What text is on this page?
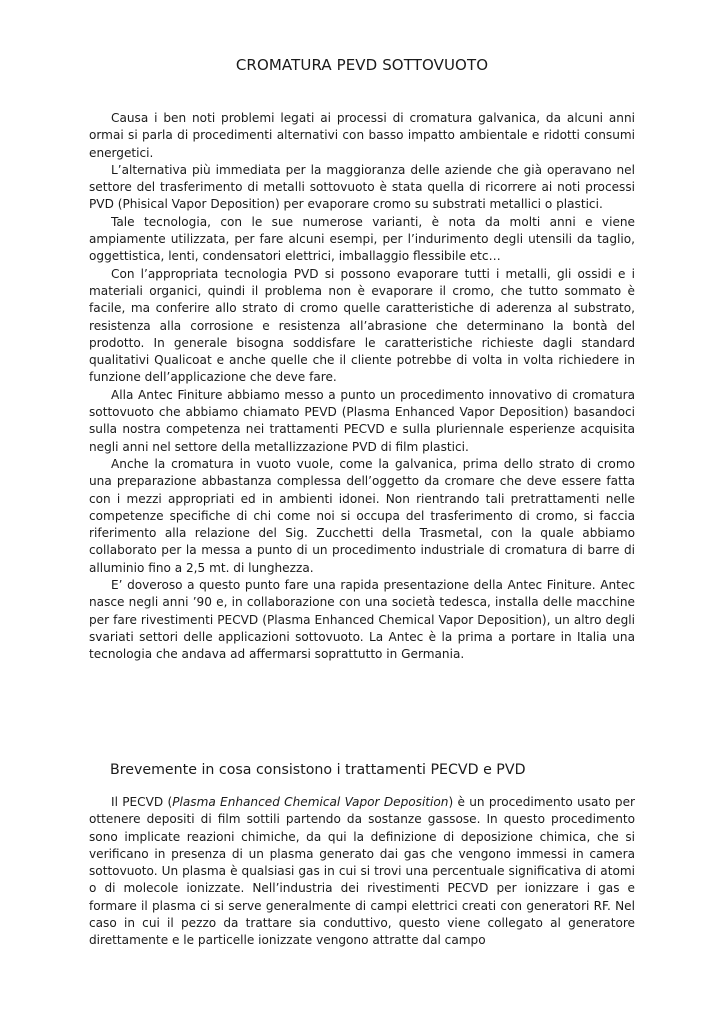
CROMATURA PEVD SOTTOVUOTO

Causa i ben noti problemi legati ai processi di cromatura galvanica, da alcuni anni ormai si parla di procedimenti alternativi con basso impatto ambientale e ridotti consumi energetici.

L’alternativa più immediata per la maggioranza delle aziende che già operavano nel settore del trasferimento di metalli sottovuoto è stata quella di ricorrere ai noti processi PVD (Phisical Vapor Deposition) per evaporare cromo su substrati metallici o plastici.

Tale tecnologia, con le sue numerose varianti, è nota da molti anni e viene ampiamente utilizzata, per fare alcuni esempi, per l’indurimento degli utensili da taglio, oggettistica, lenti, condensatori elettrici, imballaggio flessibile etc…

Con l’appropriata tecnologia PVD si possono evaporare tutti i metalli, gli ossidi e i materiali organici, quindi il problema non è evaporare il cromo, che tutto sommato è facile, ma conferire allo strato di cromo quelle caratteristiche di aderenza al substrato, resistenza alla corrosione e resistenza all’abrasione che determinano la bontà del prodotto. In generale bisogna soddisfare le caratteristiche richieste dagli standard qualitativi Qualicoat e anche quelle che il cliente potrebbe di volta in volta richiedere in funzione dell’applicazione che deve fare.

Alla Antec Finiture abbiamo messo a punto un procedimento innovativo di cromatura sottovuoto che abbiamo chiamato PEVD (Plasma Enhanced Vapor Deposition) basandoci sulla nostra competenza nei trattamenti PECVD e sulla pluriennale esperienze acquisita negli anni nel settore della metallizzazione PVD di film plastici.

Anche la cromatura in vuoto vuole, come la galvanica, prima dello strato di cromo una preparazione abbastanza complessa dell’oggetto da cromare che deve essere fatta con i mezzi appropriati ed in ambienti idonei. Non rientrando tali pretrattamenti nelle competenze specifiche di chi come noi si occupa del trasferimento di cromo, si faccia riferimento alla relazione del Sig. Zucchetti della Trasmetal, con la quale abbiamo collaborato per la messa a punto di un procedimento industriale di cromatura di barre di alluminio fino a 2,5 mt. di lunghezza.

E’ doveroso a questo punto fare una rapida presentazione della Antec Finiture. Antec nasce negli anni ’90 e, in collaborazione con una società tedesca, installa delle macchine per fare rivestimenti PECVD (Plasma Enhanced Chemical Vapor Deposition), un altro degli svariati settori delle applicazioni sottovuoto. La Antec è la prima a portare in Italia una tecnologia che andava ad affermarsi soprattutto in Germania.

Brevemente in cosa consistono i trattamenti PECVD e PVD

Il PECVD (Plasma Enhanced Chemical Vapor Deposition) è un procedimento usato per ottenere depositi di film sottili partendo da sostanze gassose. In questo procedimento sono implicate reazioni chimiche, da qui la definizione di deposizione chimica, che si verificano in presenza di un plasma generato dai gas che vengono immessi in camera sottovuoto. Un plasma è qualsiasi gas in cui si trovi una percentuale significativa di atomi o di molecole ionizzate. Nell’industria dei rivestimenti PECVD per ionizzare i gas e formare il plasma ci si serve generalmente di campi elettrici creati con generatori RF. Nel caso in cui il pezzo da trattare sia conduttivo, questo viene collegato al generatore direttamente e le particelle ionizzate vengono attratte dal campo
